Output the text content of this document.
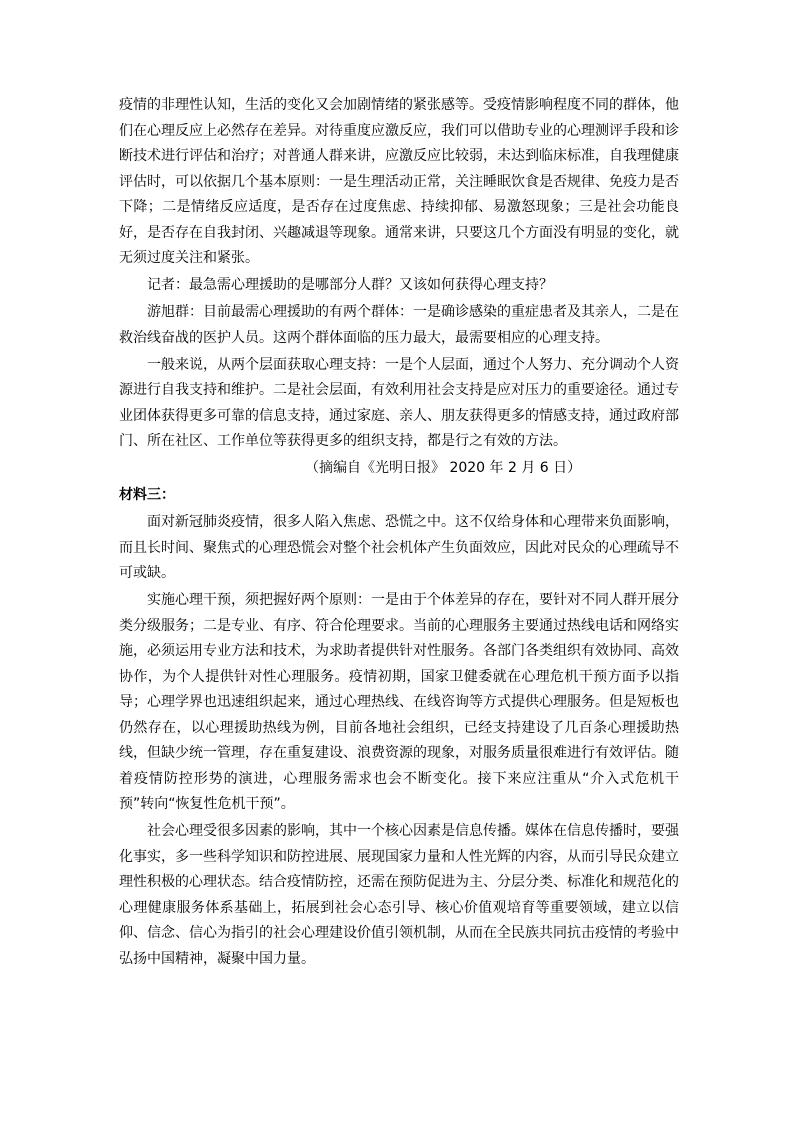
疫情的非理性认知，生活的变化又会加剧情绪的紧张感等。受疫情影响程度不同的群体，他们在心理反应上必然存在差异。对待重度应激反应，我们可以借助专业的心理测评手段和诊断技术进行评估和治疗；对普通人群来讲，应激反应比较弱，未达到临床标准，自我理健康评估时，可以依据几个基本原则：一是生理活动正常，关注睡眠饮食是否规律、免疫力是否下降；二是情绪反应适度，是否存在过度焦虑、持续抑郁、易激怒现象；三是社会功能良好，是否存在自我封闭、兴趣减退等现象。通常来讲，只要这几个方面没有明显的变化，就无须过度关注和紧张。

记者：最急需心理援助的是哪部分人群？又该如何获得心理支持？

游旭群：目前最需心理援助的有两个群体：一是确诊感染的重症患者及其亲人，二是在救治线奋战的医护人员。这两个群体面临的压力最大，最需要相应的心理支持。

一般来说，从两个层面获取心理支持：一是个人层面，通过个人努力、充分调动个人资源进行自我支持和维护。二是社会层面，有效利用社会支持是应对压力的重要途径。通过专业团体获得更多可靠的信息支持，通过家庭、亲人、朋友获得更多的情感支持，通过政府部门、所在社区、工作单位等获得更多的组织支持，都是行之有效的方法。

（摘编自《光明日报》 2020 年 2 月 6 日）

材料三：

面对新冠肺炎疫情，很多人陷入焦虑、恐慌之中。这不仅给身体和心理带来负面影响，而且长时间、聚焦式的心理恐慌会对整个社会机体产生负面效应，因此对民众的心理疏导不可或缺。

实施心理干预，须把握好两个原则：一是由于个体差异的存在，要针对不同人群开展分类分级服务；二是专业、有序、符合伦理要求。当前的心理服务主要通过热线电话和网络实施，必须运用专业方法和技术，为求助者提供针对性服务。各部门各类组织有效协同、高效协作，为个人提供针对性心理服务。疫情初期，国家卫健委就在心理危机干预方面予以指导；心理学界也迅速组织起来，通过心理热线、在线咨询等方式提供心理服务。但是短板也仍然存在，以心理援助热线为例，目前各地社会组织，已经支持建设了几百条心理援助热线，但缺少统一管理，存在重复建设、浪费资源的现象，对服务质量很难进行有效评估。随着疫情防控形势的演进，心理服务需求也会不断变化。接下来应注重从“介入式危机干预”转向“恢复性危机干预”。

社会心理受很多因素的影响，其中一个核心因素是信息传播。媒体在信息传播时，要强化事实，多一些科学知识和防控进展、展现国家力量和人性光辉的内容，从而引导民众建立理性积极的心理状态。结合疫情防控，还需在预防促进为主、分层分类、标准化和规范化的心理健康服务体系基础上，拓展到社会心态引导、核心价值观培育等重要领域，建立以信仰、信念、信心为指引的社会心理建设价值引领机制，从而在全民族共同抗击疫情的考验中弘扬中国精神，凝聚中国力量。
